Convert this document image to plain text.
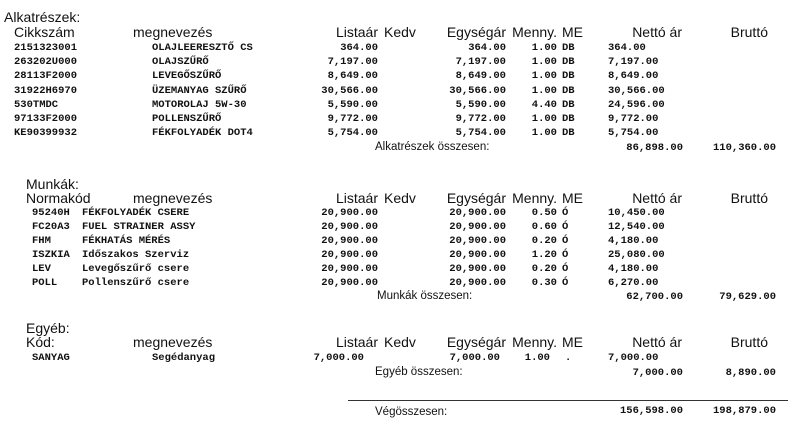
Alkatrészek:
Cikkszám	megnevezés	Listaár Kedv	Egységár Menny. ME	Nettó ár	Bruttó
2151323001	OLAJLEERESZTŐ CS	364.00	364.00	1.00 DB	364.00
263202U000	OLAJSZŰRŐ	7,197.00	7,197.00	1.00 DB	7,197.00
28113F2000	LEVEGŐSZŰRŐ	8,649.00	8,649.00	1.00 DB	8,649.00
31922H6970	ÜZEMANYAG SZŰRŐ	30,566.00	30,566.00	1.00 DB	30,566.00
530TMDC	MOTOROLAJ 5W-30	5,590.00	5,590.00	4.40 DB	24,596.00
97133F2000	POLLENSZŰRŐ	9,772.00	9,772.00	1.00 DB	9,772.00
KE90399932	FÉKFOLYADÉK DOT4	5,754.00	5,754.00	1.00 DB	5,754.00
Alkatrészek összesen:	86,898.00	110,360.00
Munkák:
Normakód	megnevezés	Listaár Kedv	Egységár Menny. ME	Nettó ár	Bruttó
95240H FÉKFOLYADÉK CSERE	20,900.00	20,900.00	0.50 Ó	10,450.00
FC20A3 FUEL STRAINER ASSY	20,900.00	20,900.00	0.60 Ó	12,540.00
FHM	FÉKHATÁS MÉRÉS	20,900.00	20,900.00	0.20 Ó	4,180.00
ISZKIA Időszakos Szerviz	20,900.00	20,900.00	1.20 Ó	25,080.00
LEV	Levegőszűrő csere	20,900.00	20,900.00	0.20 Ó	4,180.00
POLL Pollenszűrő csere	20,900.00	20,900.00	0.30 Ó	6,270.00
Munkák összesen:	62,700.00	79,629.00
Egyéb:
Kód:	megnevezés	Listaár Kedv	Egységár Menny. ME	Nettó ár	Bruttó
SANYAG	Segédanyag	7,000.00	7,000.00	1.00 .	7,000.00
Egyéb összesen:	7,000.00	8,890.00
Végösszesen:	156,598.00	198,879.00
